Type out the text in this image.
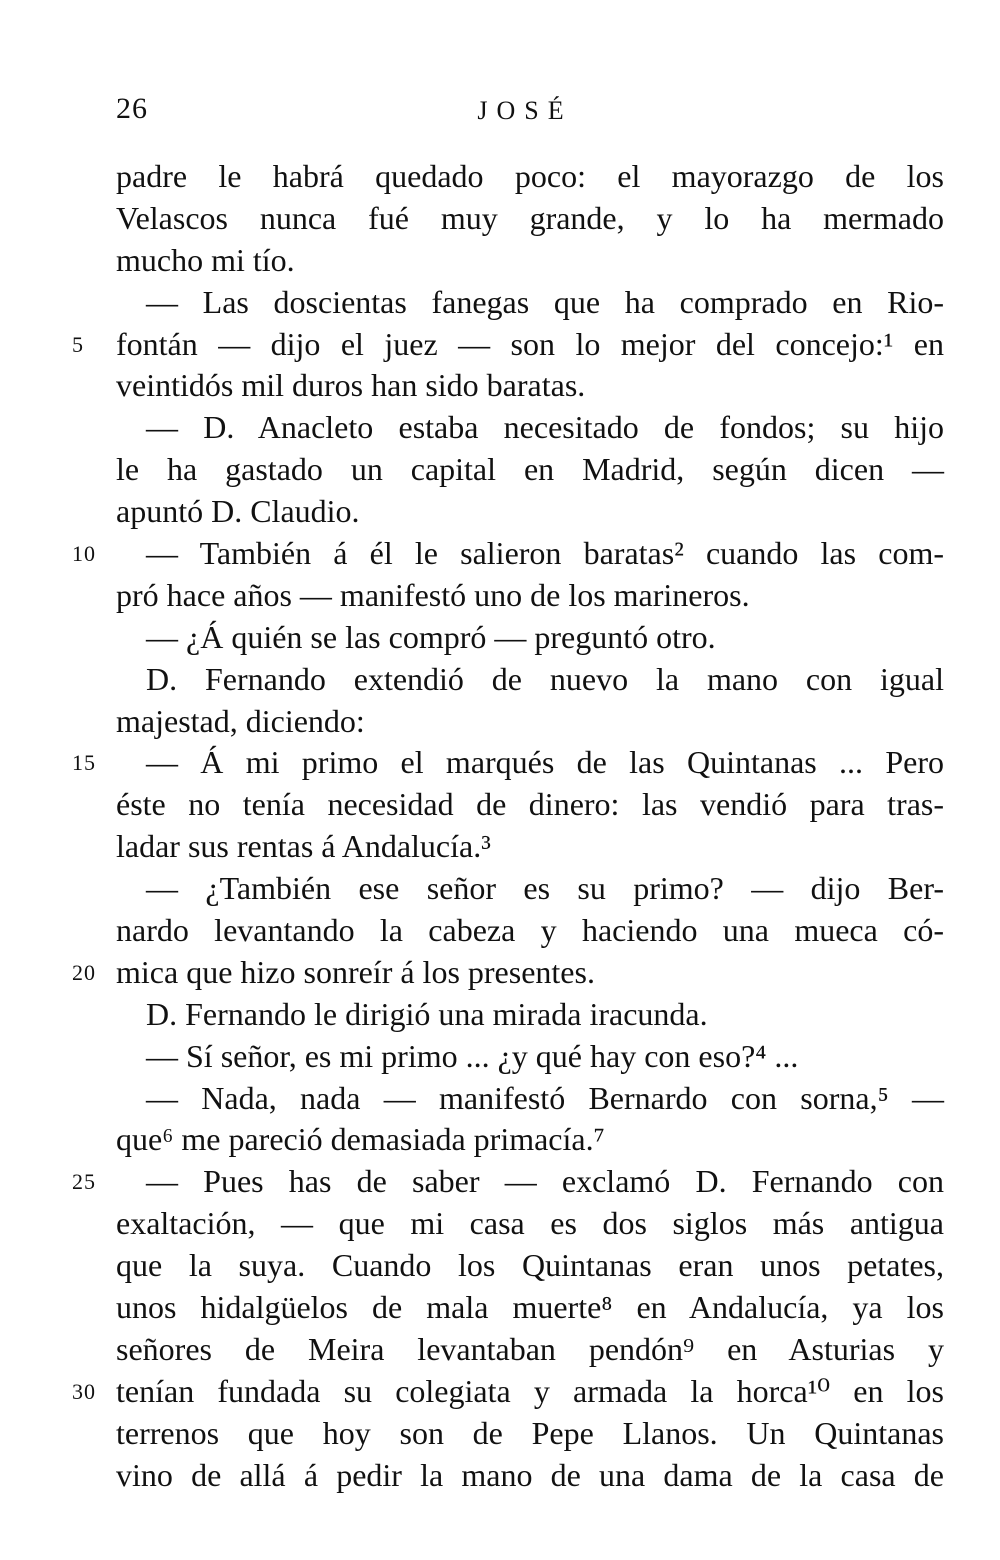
26	JOSÉ
padre le habrá quedado poco: el mayorazgo de los
Velascos nunca fué muy grande, y lo ha mermado
mucho mi tío.
— Las doscientas fanegas que ha comprado en Rio-
5	fontán — dijo el juez — son lo mejor del concejo:¹ en
veintidós mil duros han sido baratas.
— D. Anacleto estaba necesitado de fondos; su hijo
le ha gastado un capital en Madrid, según dicen —
apuntó D. Claudio.
10	— También á él le salieron baratas² cuando las com-
pró hace años — manifestó uno de los marineros.
— ¿Á quién se las compró — preguntó otro.
D. Fernando extendió de nuevo la mano con igual
majestad, diciendo:
15	— Á mi primo el marqués de las Quintanas ... Pero
éste no tenía necesidad de dinero: las vendió para tras-
ladar sus rentas á Andalucía.³
— ¿También ese señor es su primo? — dijo Ber-
nardo levantando la cabeza y haciendo una mueca có-
20 mica que hizo sonreír á los presentes.
D. Fernando le dirigió una mirada iracunda.
— Sí señor, es mi primo ... ¿y qué hay con eso?⁴ ...
— Nada, nada — manifestó Bernardo con sorna,⁵ —
que⁶ me pareció demasiada primacía.⁷
25	— Pues has de saber — exclamó D. Fernando con
exaltación, — que mi casa es dos siglos más antigua
que la suya. Cuando los Quintanas eran unos petates,
unos hidalgüelos de mala muerte⁸ en Andalucía, ya los
señores de Meira levantaban pendón⁹ en Asturias y
30 tenían fundada su colegiata y armada la horca¹⁰ en los
terrenos que hoy son de Pepe Llanos. Un Quintanas
vino de allá á pedir la mano de una dama de la casa de
